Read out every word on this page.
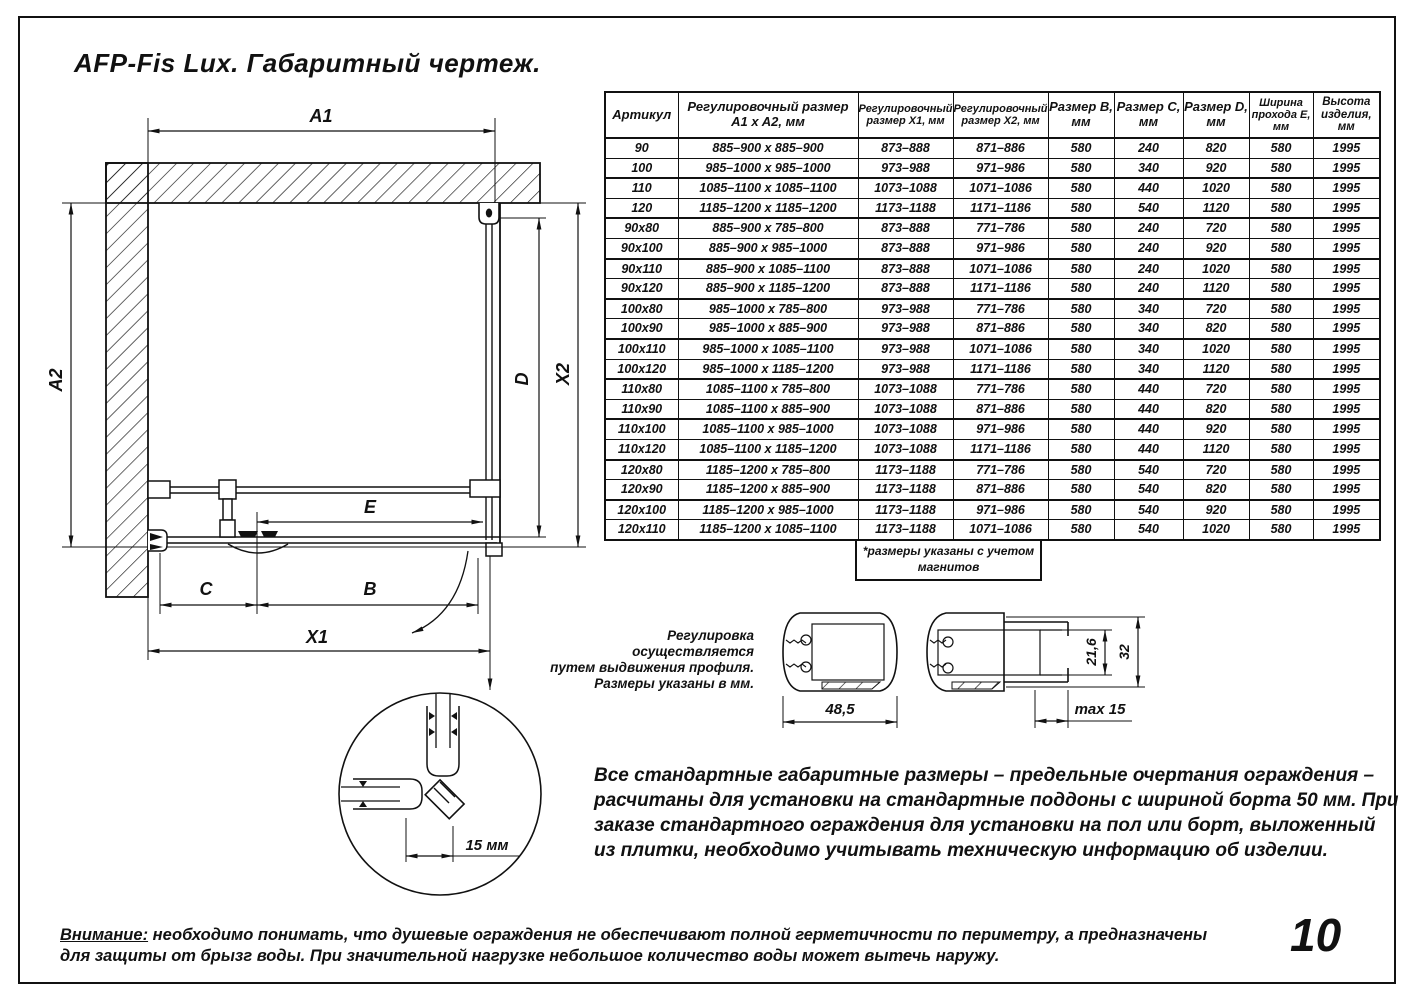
AFP-Fis Lux. Габаритный чертеж.
A1
A2	X2
D
E
C	B
X1
15 мм
48,5
21,6 32
max 15
Артикул	Регулировочный размер A1 x A2, мм	Регулировочный размер X1, мм	Регулировочный размер X2, мм	Размер B, мм	Размер C, мм	Размер D, мм	Ширина прохода E, мм	Высота изделия, мм
90	885–900 x 885–900	873–888	871–886	580	240	820	580	1995
100	985–1000 x 985–1000	973–988	971–986	580	340	920	580	1995
110	1085–1100 x 1085–1100	1073–1088	1071–1086	580	440	1020	580	1995
120	1185–1200 x 1185–1200	1173–1188	1171–1186	580	540	1120	580	1995
90x80	885–900 x 785–800	873–888	771–786	580	240	720	580	1995
90x100	885–900 x 985–1000	873–888	971–986	580	240	920	580	1995
90x110	885–900 x 1085–1100	873–888	1071–1086	580	240	1020	580	1995
90x120	885–900 x 1185–1200	873–888	1171–1186	580	240	1120	580	1995
100x80	985–1000 x 785–800	973–988	771–786	580	340	720	580	1995
100x90	985–1000 x 885–900	973–988	871–886	580	340	820	580	1995
100x110	985–1000 x 1085–1100	973–988	1071–1086	580	340	1020	580	1995
100x120	985–1000 x 1185–1200	973–988	1171–1186	580	340	1120	580	1995
110x80	1085–1100 x 785–800	1073–1088	771–786	580	440	720	580	1995
110x90	1085–1100 x 885–900	1073–1088	871–886	580	440	820	580	1995
110x100	1085–1100 x 985–1000	1073–1088	971–986	580	440	920	580	1995
110x120	1085–1100 x 1185–1200	1073–1088	1171–1186	580	440	1120	580	1995
120x80	1185–1200 x 785–800	1173–1188	771–786	580	540	720	580	1995
120x90	1185–1200 x 885–900	1173–1188	871–886	580	540	820	580	1995
120x100	1185–1200 x 985–1000	1173–1188	971–986	580	540	920	580	1995
120x110	1185–1200 x 1085–1100	1173–1188	1071–1086	580	540	1020	580	1995
*размеры указаны с учетом
магнитов
Регулировка осуществляется
путем выдвижения профиля.
Размеры указаны в мм.
Все стандартные габаритные размеры – предельные очертания ограждения –
расчитаны для установки на стандартные поддоны с шириной борта 50 мм. При
заказе стандартного ограждения для установки на пол или борт, выложенный
из плитки, необходимо учитывать техническую информацию об изделии.
Внимание: необходимо понимать, что душевые ограждения не обеспечивают полной герметичности по периметру, а предназначены
для защиты от брызг воды. При значительной нагрузке небольшое количество воды может вытечь наружу.	10
